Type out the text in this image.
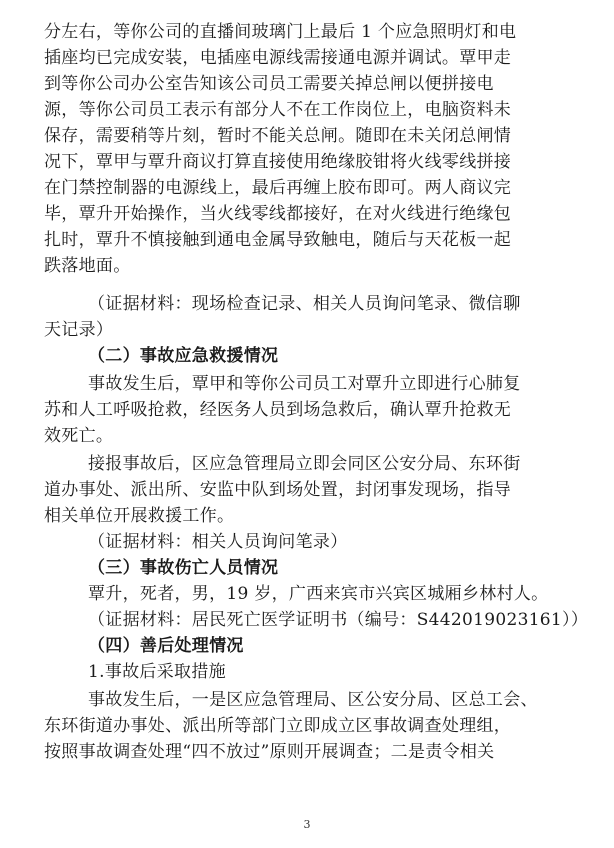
分左右，等你公司的直播间玻璃门上最后 1 个应急照明灯和电
插座均已完成安装，电插座电源线需接通电源并调试。覃甲走
到等你公司办公室告知该公司员工需要关掉总闸以便拼接电
源，等你公司员工表示有部分人不在工作岗位上，电脑资料未
保存，需要稍等片刻，暂时不能关总闸。随即在未关闭总闸情
况下，覃甲与覃升商议打算直接使用绝缘胶钳将火线零线拼接
在门禁控制器的电源线上，最后再缠上胶布即可。两人商议完
毕，覃升开始操作，当火线零线都接好，在对火线进行绝缘包
扎时，覃升不慎接触到通电金属导致触电，随后与天花板一起
跌落地面。
（证据材料：现场检查记录、相关人员询问笔录、微信聊
天记录）
（二）事故应急救援情况
事故发生后，覃甲和等你公司员工对覃升立即进行心肺复
苏和人工呼吸抢救，经医务人员到场急救后，确认覃升抢救无
效死亡。
接报事故后，区应急管理局立即会同区公安分局、东环街
道办事处、派出所、安监中队到场处置，封闭事发现场，指导
相关单位开展救援工作。
（证据材料：相关人员询问笔录）
（三）事故伤亡人员情况
覃升，死者，男，19 岁，广西来宾市兴宾区城厢乡林村人。
（证据材料：居民死亡医学证明书（编号：S442019023161））
（四）善后处理情况
1.事故后采取措施
事故发生后，一是区应急管理局、区公安分局、区总工会、
东环街道办事处、派出所等部门立即成立区事故调查处理组，
按照事故调查处理“四不放过”原则开展调查；二是责令相关
3
